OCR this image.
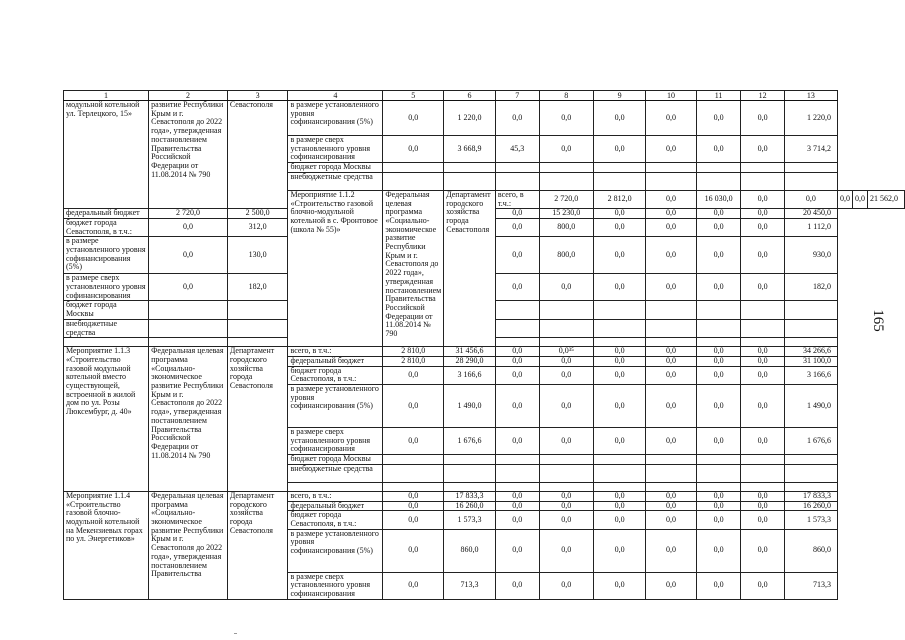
1	2	3	4	5	6	7	8	9	10	11	12	13			
модульной котельной ул. Терлецкого, 15»	развитие Республики Крым и г. Севастополя до 2022 года», утвержденная постановлением Правительства Российской Федерации от 11.08.2014 № 790	Севастополя	в размере установленного уровня софинансирования (5%)	0,0	1 220,0	0,0	0,0	0,0	0,0	0,0	0,0	1 220,0			
			в размере сверх установленного уровня софинансирования	0,0	3 668,9	45,3	0,0	0,0	0,0	0,0	0,0	3 714,2			
			бюджет города Москвы												
			внебюджетные средства												
			Мероприятие 1.1.2 «Строительство газовой блочно-модульной котельной в с. Фронтовое (школа № 55)»	Федеральная целевая программа «Социально-экономическое развитие Республики Крым и г. Севастополя до 2022 года», утвержденная постановлением Правительства Российской Федерации от 11.08.2014 № 790	Департамент городского хозяйства города Севастополя	всего, в т.ч.:	2 720,0	2 812,0	0,0	16 030,0	0,0	0,0	0,0	0,0	21 562,0
федеральный бюджет	2 720,0	2 500,0				0,0	15 230,0	0,0	0,0	0,0	0,0	20 450,0			
бюджет города Севастополя, в т.ч.:	0,0	312,0				0,0	800,0	0,0	0,0	0,0	0,0	1 112,0			
в размере установленного уровня софинансирования (5%)	0,0	130,0				0,0	800,0	0,0	0,0	0,0	0,0	930,0			
в размере сверх установленного уровня софинансирования	0,0	182,0				0,0	0,0	0,0	0,0	0,0	0,0	182,0			
бюджет города Москвы															
внебюджетные средства															

Мероприятие 1.1.3 «Строительство газовой модульной котельной вместо существующей, встроенной в жилой дом по ул. Розы Люксембург, д. 40»	Федеральная целевая программа «Социально-экономическое развитие Республики Крым и г. Севастополя до 2022 года», утвержденная постановлением Правительства Российской Федерации от 11.08.2014 № 790	Департамент городского хозяйства города Севастополя	всего, в т.ч.:	2 810,0	31 456,6	0,0	0,0³⁵	0,0	0,0	0,0	0,0	34 266,6			
			федеральный бюджет	2 810,0	28 290,0	0,0	0,0	0,0	0,0	0,0	0,0	31 100,0			
			бюджет города Севастополя, в т.ч.:	0,0	3 166,6	0,0	0,0	0,0	0,0	0,0	0,0	3 166,6			
			в размере установленного уровня софинансирования (5%)	0,0	1 490,0	0,0	0,0	0,0	0,0	0,0	0,0	1 490,0			
			в размере сверх установленного уровня софинансирования	0,0	1 676,6	0,0	0,0	0,0	0,0	0,0	0,0	1 676,6			
			бюджет города Москвы												
			внебюджетные средства												

Мероприятие 1.1.4 «Строительство газовой блочно-модульной котельной на Мекензиевых горах по ул. Энергетиков»	Федеральная целевая программа «Социально-экономическое развитие Республики Крым и г. Севастополя до 2022 года», утвержденная постановлением Правительства	Департамент городского хозяйства города Севастополя	всего, в т.ч.:	0,0	17 833,3	0,0	0,0	0,0	0,0	0,0	0,0	17 833,3			
			федеральный бюджет	0,0	16 260,0	0,0	0,0	0,0	0,0	0,0	0,0	16 260,0			
			бюджет города Севастополя, в т.ч.:	0,0	1 573,3	0,0	0,0	0,0	0,0	0,0	0,0	1 573,3			
			в размере установленного уровня софинансирования (5%)	0,0	860,0	0,0	0,0	0,0	0,0	0,0	0,0	860,0			
			в размере сверх установленного уровня софинансирования	0,0	713,3	0,0	0,0	0,0	0,0	0,0	0,0	713,3			
165
